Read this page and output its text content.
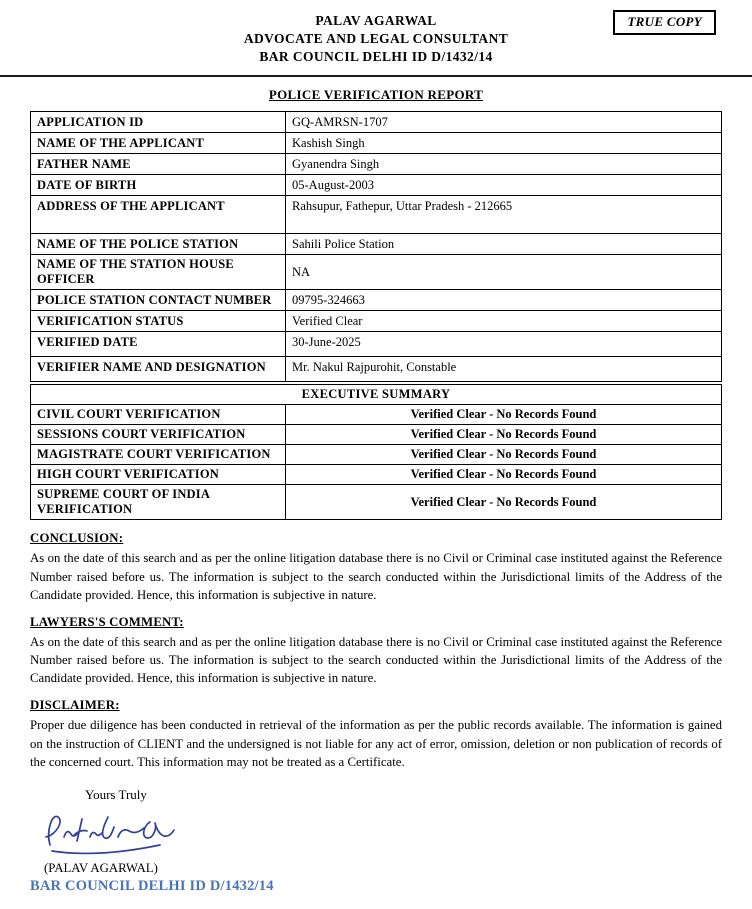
PALAV AGARWAL
ADVOCATE AND LEGAL CONSULTANT
BAR COUNCIL DELHI ID D/1432/14
TRUE COPY
POLICE VERIFICATION REPORT
APPLICATION ID	GQ-AMRSN-1707
NAME OF THE APPLICANT	Kashish Singh
FATHER NAME	Gyanendra Singh
DATE OF BIRTH	05-August-2003
ADDRESS OF THE APPLICANT	Rahsupur, Fathepur, Uttar Pradesh - 212665
NAME OF THE POLICE STATION	Sahili Police Station
NAME OF THE STATION HOUSE OFFICER	NA
POLICE STATION CONTACT NUMBER	09795-324663
VERIFICATION STATUS	Verified Clear
VERIFIED DATE	30-June-2025
VERIFIER NAME AND DESIGNATION	Mr. Nakul Rajpurohit, Constable
EXECUTIVE SUMMARY	
CIVIL COURT VERIFICATION	Verified Clear - No Records Found
SESSIONS COURT VERIFICATION	Verified Clear - No Records Found
MAGISTRATE COURT VERIFICATION	Verified Clear - No Records Found
HIGH COURT VERIFICATION	Verified Clear - No Records Found
SUPREME COURT OF INDIA VERIFICATION	Verified Clear - No Records Found
CONCLUSION:
As on the date of this search and as per the online litigation database there is no Civil or Criminal case instituted against the Reference Number raised before us. The information is subject to the search conducted within the Jurisdictional limits of the Address of the Candidate provided. Hence, this information is subjective in nature.
LAWYERS'S COMMENT:
As on the date of this search and as per the online litigation database there is no Civil or Criminal case instituted against the Reference Number raised before us. The information is subject to the search conducted within the Jurisdictional limits of the Address of the Candidate provided. Hence, this information is subjective in nature.
DISCLAIMER:
Proper due diligence has been conducted in retrieval of the information as per the public records available. The information is gained on the instruction of CLIENT and the undersigned is not liable for any act of error, omission, deletion or non publication of records of the concerned court. This information may not be treated as a Certificate.
Yours Truly
(PALAV AGARWAL)
BAR COUNCIL DELHI ID D/1432/14
